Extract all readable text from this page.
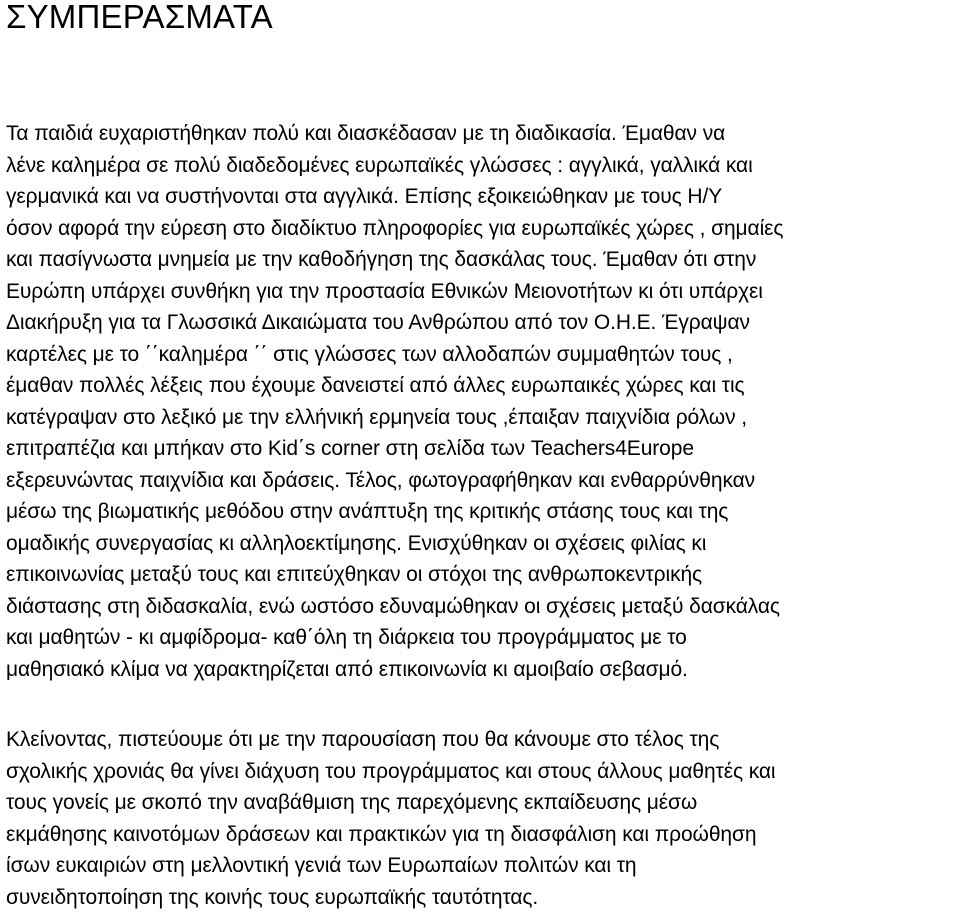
ΣΥΜΠΕΡΑΣΜΑΤΑ
Τα παιδιά ευχαριστήθηκαν πολύ και διασκέδασαν με τη διαδικασία. Έμαθαν να
λένε καλημέρα σε πολύ διαδεδομένες ευρωπαϊκές γλώσσες : αγγλικά, γαλλικά και
γερμανικά και να συστήνονται στα αγγλικά. Επίσης εξοικειώθηκαν με τους Η/Υ
όσον αφορά την εύρεση στο διαδίκτυο πληροφορίες για ευρωπαϊκές χώρες , σημαίες
και πασίγνωστα μνημεία με την καθοδήγηση της δασκάλας τους. Έμαθαν ότι στην
Ευρώπη υπάρχει συνθήκη για την προστασία Εθνικών Μειονοτήτων κι ότι υπάρχει
Διακήρυξη για τα Γλωσσικά Δικαιώματα του Ανθρώπου από τον Ο.Η.Ε. Έγραψαν
καρτέλες με το ΄΄καλημέρα ΄΄ στις γλώσσες των αλλοδαπών συμμαθητών τους ,
έμαθαν πολλές λέξεις που έχουμε δανειστεί από άλλες ευρωπαικές χώρες και τις
κατέγραψαν στο λεξικό με την ελλήνική ερμηνεία τους ,έπαιξαν παιχνίδια ρόλων ,
επιτραπέζια και μπήκαν στο Kid΄s corner στη σελίδα των Teachers4Europe
εξερευνώντας παιχνίδια και δράσεις. Τέλος, φωτογραφήθηκαν και ενθαρρύνθηκαν
μέσω της βιωματικής μεθόδου στην ανάπτυξη της κριτικής στάσης τους και της
ομαδικής συνεργασίας κι αλληλοεκτίμησης. Ενισχύθηκαν οι σχέσεις φιλίας κι
επικοινωνίας μεταξύ τους και επιτεύχθηκαν οι στόχοι της ανθρωποκεντρικής
διάστασης στη διδασκαλία, ενώ ωστόσο εδυναμώθηκαν οι σχέσεις μεταξύ δασκάλας
και μαθητών - κι αμφίδρομα- καθ΄όλη τη διάρκεια του προγράμματος με το
μαθησιακό κλίμα να χαρακτηρίζεται από επικοινωνία κι αμοιβαίο σεβασμό.
Κλείνοντας, πιστεύουμε ότι με την παρουσίαση που θα κάνουμε στο τέλος της
σχολικής χρονιάς θα γίνει διάχυση του προγράμματος και στους άλλους μαθητές και
τους γονείς με σκοπό την αναβάθμιση της παρεχόμενης εκπαίδευσης μέσω
εκμάθησης καινοτόμων δράσεων και πρακτικών για τη διασφάλιση και προώθηση
ίσων ευκαιριών στη μελλοντική γενιά των Ευρωπαίων πολιτών και τη
συνειδητοποίηση της κοινής τους ευρωπαϊκής ταυτότητας.
